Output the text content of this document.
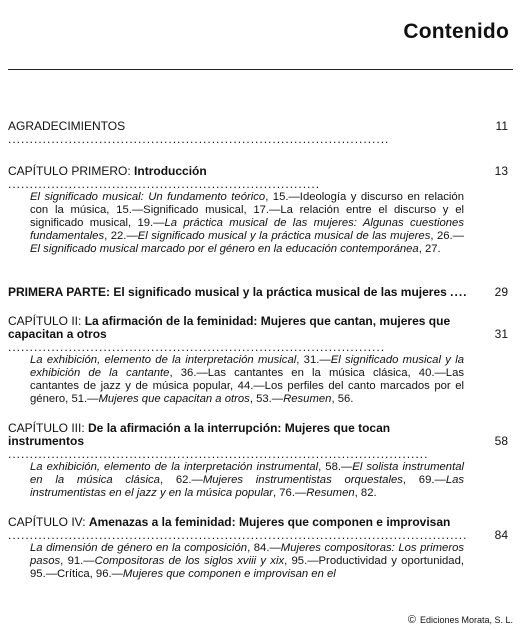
Contenido
AGRADECIMIENTOS ........................................................................................
11
CAPÍTULO PRIMERO: Introducción ........................................................................
13
El significado musical: Un fundamento teórico, 15.—Ideología y discurso en relación con la música, 15.—Significado musical, 17.—La relación entre el discurso y el significado musical, 19.—La práctica musical de las mujeres: Algunas cuestiones fundamentales, 22.—El significado musical y la práctica musical de las mujeres, 26.—El significado musical marcado por el género en la educación contemporánea, 27.
PRIMERA PARTE: El significado musical y la práctica musical de las mujeres ....	29
CAPÍTULO II: La afirmación de la feminidad: Mujeres que cantan, mujeres que capacitan a otros .......................................................................................
31
La exhibición, elemento de la interpretación musical, 31.—El significado musical y la exhibición de la cantante, 36.—Las cantantes en la música clásica, 40.—Las cantantes de jazz y de música popular, 44.—Los perfiles del canto marcados por el género, 51.—Mujeres que capacitan a otros, 53.—Resumen, 56.
CAPÍTULO III: De la afirmación a la interrupción: Mujeres que tocan instrumentos .................................................................................................
58
La exhibición, elemento de la interpretación instrumental, 58.—El solista instrumental en la música clásica, 62.—Mujeres instrumentistas orquestales, 69.—Las instrumentistas en el jazz y en la música popular, 76.—Resumen, 82.
CAPÍTULO IV: Amenazas a la feminidad: Mujeres que componen e improvisan ..........................................................................................................	84
La dimensión de género en la composición, 84.—Mujeres compositoras: Los primeros pasos, 91.—Compositoras de los siglos xviii y xix, 95.—Productividad y oportunidad, 95.—Crítica, 96.—Mujeres que componen e improvisan en el
© Ediciones Morata, S. L.
